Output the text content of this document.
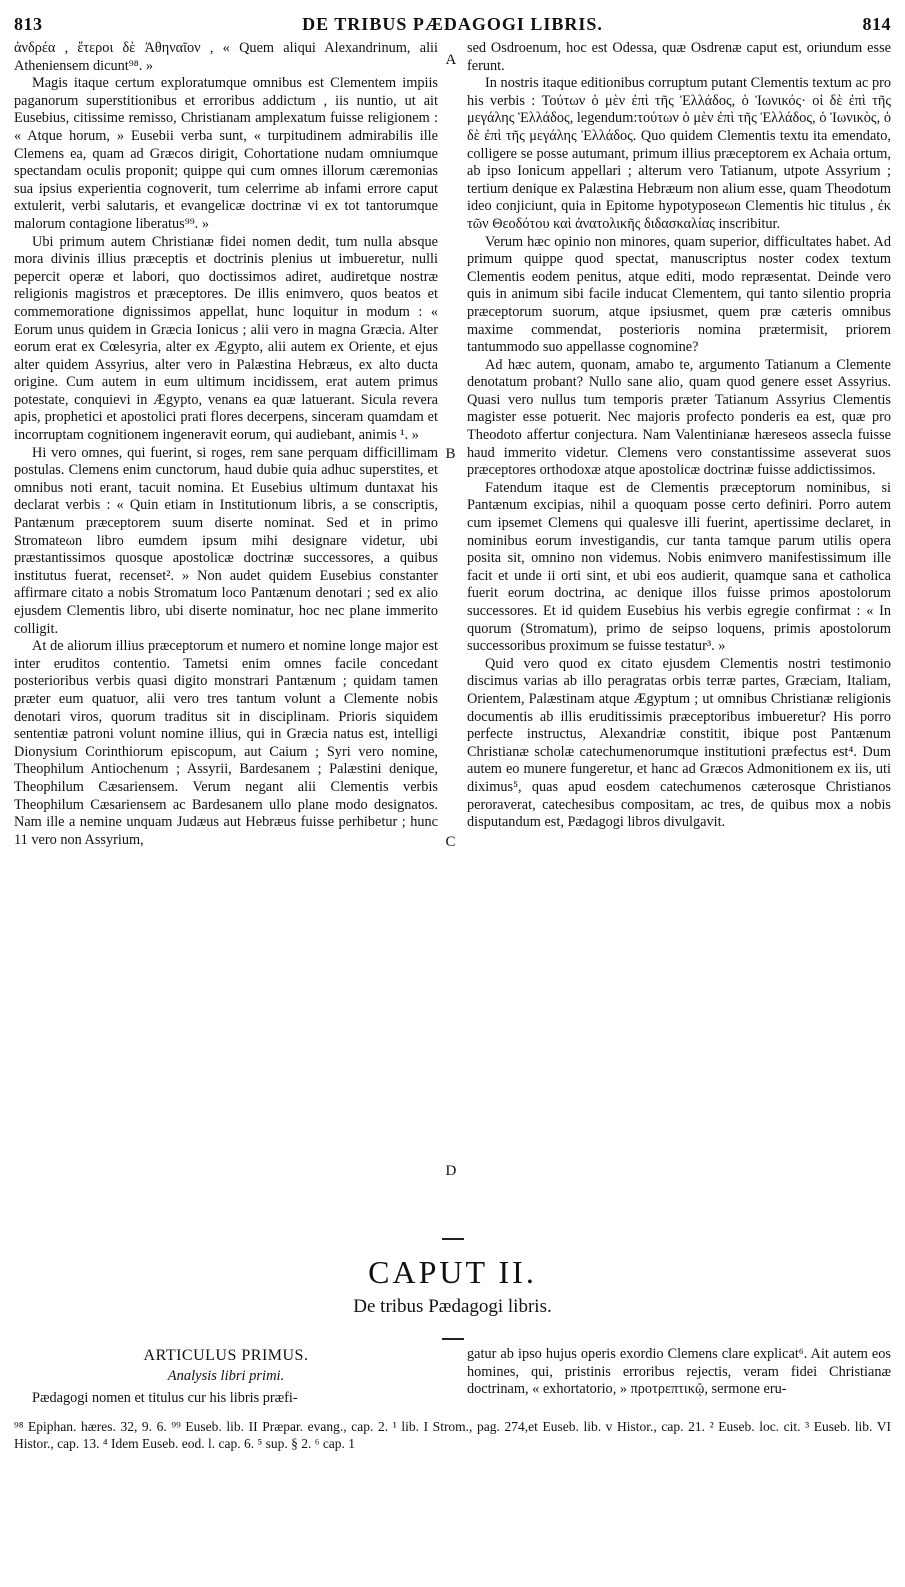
813	DE TRIBUS PÆDAGOGI LIBRIS.	814

ἀνδρέα , ἕτεροι δὲ Ἀθηναῖον , « Quem aliqui Alexandrinum, alii Atheniensem dicunt⁹⁸. »

Magis itaque certum exploratumque omnibus est Clementem impiis paganorum superstitionibus et erroribus addictum , iis nuntio, ut ait Eusebius, citissime remisso, Christianam amplexatum fuisse religionem : « Atque horum, » Eusebii verba sunt, « turpitudinem admirabilis ille Clemens ea, quam ad Græcos dirigit, Cohortatione nudam omniumque spectandam oculis proponit; quippe qui cum omnes illorum cæremonias sua ipsius experientia cognoverit, tum celerrime ab infami errore caput extulerit, verbi salutaris, et evangelicæ doctrinæ vi ex tot tantorumque malorum contagione liberatus⁹⁹. »

Ubi primum autem Christianæ fidei nomen dedit, tum nulla absque mora divinis illius præceptis et doctrinis plenius ut imbueretur, nulli pepercit operæ et labori, quo doctissimos adiret, audiretque nostræ religionis magistros et præceptores. De illis enimvero, quos beatos et commemoratione dignissimos appellat, hunc loquitur in modum : « Eorum unus quidem in Græcia Ionicus ; alii vero in magna Græcia. Alter eorum erat ex Cœlesyria, alter ex Ægypto, alii autem ex Oriente, et ejus alter quidem Assyrius, alter vero in Palæstina Hebræus, ex alto ducta origine. Cum autem in eum ultimum incidissem, erat autem primus potestate, conquievi in Ægypto, venans ea quæ latuerant. Sicula revera apis, prophetici et apostolici prati flores decerpens, sinceram quamdam et incorruptam cognitionem ingeneravit eorum, qui audiebant, animis ¹. »

Hi vero omnes, qui fuerint, si roges, rem sane perquam difficillimam postulas. Clemens enim cunctorum, haud dubie quia adhuc superstites, et omnibus noti erant, tacuit nomina. Et Eusebius ultimum duntaxat his declarat verbis : « Quin etiam in Institutionum libris, a se conscriptis, Pantænum præceptorem suum diserte nominat. Sed et in primo Stromateωn libro eumdem ipsum mihi designare videtur, ubi præstantissimos quosque apostolicæ doctrinæ successores, a quibus institutus fuerat, recenset². » Non audet quidem Eusebius constanter affirmare citato a nobis Stromatum loco Pantænum denotari ; sed ex alio ejusdem Clementis libro, ubi diserte nominatur, hoc nec plane immerito colligit.

At de aliorum illius præceptorum et numero et nomine longe major est inter eruditos contentio. Tametsi enim omnes facile concedant posterioribus verbis quasi digito monstrari Pantænum ; quidam tamen præter eum quatuor, alii vero tres tantum volunt a Clemente nobis denotari viros, quorum traditus sit in disciplinam. Prioris siquidem sententiæ patroni volunt nomine illius, qui in Græcia natus est, intelligi Dionysium Corinthiorum episcopum, aut Caium ; Syri vero nomine, Theophilum Antiochenum ; Assyrii, Bardesanem ; Palæstini denique, Theophilum Cæsariensem. Verum negant alii Clementis verbis Theophilum Cæsariensem ac Bardesanem ullo plane modo designatos. Nam ille a nemine unquam Judæus aut Hebræus fuisse perhibetur ; hunc 11 vero non Assyrium,

A
B
C
D

sed Osdroenum, hoc est Odessa, quæ Osdrenæ caput est, oriundum esse ferunt.

In nostris itaque editionibus corruptum putant Clementis textum ac pro his verbis : Τούτων ὁ μὲν ἐπὶ τῆς Ἑλλάδος, ὁ Ἰωνικός· οἱ δὲ ἐπὶ τῆς μεγάλης Ἑλλάδος, legendum:τούτων ὁ μὲν ἐπὶ τῆς Ἑλλάδος, ὁ Ἰωνικὸς, ὁ δὲ ἐπὶ τῆς μεγάλης Ἑλλάδος. Quo quidem Clementis textu ita emendato, colligere se posse autumant, primum illius præceptorem ex Achaia ortum, ab ipso Ionicum appellari ; alterum vero Tatianum, utpote Assyrium ; tertium denique ex Palæstina Hebræum non alium esse, quam Theodotum ideo conjiciunt, quia in Epitome hypotyposeωn Clementis hic titulus , ἐκ τῶν Θεοδότου καὶ ἀνατολικῆς διδασκαλίας inscribitur.

Verum hæc opinio non minores, quam superior, difficultates habet. Ad primum quippe quod spectat, manuscriptus noster codex textum Clementis eodem penitus, atque editi, modo repræsentat. Deinde vero quis in animum sibi facile inducat Clementem, qui tanto silentio propria præceptorum suorum, atque ipsiusmet, quem præ cæteris omnibus maxime commendat, posterioris nomina prætermisit, priorem tantummodo suo appellasse cognomine?

Ad hæc autem, quonam, amabo te, argumento Tatianum a Clemente denotatum probant? Nullo sane alio, quam quod genere esset Assyrius. Quasi vero nullus tum temporis præter Tatianum Assyrius Clementis magister esse potuerit. Nec majoris profecto ponderis ea est, quæ pro Theodoto affertur conjectura. Nam Valentinianæ hæreseos assecla fuisse haud immerito videtur. Clemens vero constantissime asseverat suos præceptores orthodoxæ atque apostolicæ doctrinæ fuisse addictissimos.

Fatendum itaque est de Clementis præceptorum nominibus, si Pantænum excipias, nihil a quoquam posse certo definiri. Porro autem cum ipsemet Clemens qui qualesve illi fuerint, apertissime declaret, in nominibus eorum investigandis, cur tanta tamque parum utilis opera posita sit, omnino non videmus. Nobis enimvero manifestissimum ille facit et unde ii orti sint, et ubi eos audierit, quamque sana et catholica fuerit eorum doctrina, ac denique illos fuisse primos apostolorum successores. Et id quidem Eusebius his verbis egregie confirmat : « In quorum (Stromatum), primo de seipso loquens, primis apostolorum successoribus proximum se fuisse testatur³. »

Quid vero quod ex citato ejusdem Clementis nostri testimonio discimus varias ab illo peragratas orbis terræ partes, Græciam, Italiam, Orientem, Palæstinam atque Ægyptum ; ut omnibus Christianæ religionis documentis ab illis eruditissimis præceptoribus imbueretur? His porro perfecte instructus, Alexandriæ constitit, ibique post Pantænum Christianæ scholæ catechumenorumque institutioni præfectus est⁴. Dum autem eo munere fungeretur, et hanc ad Græcos Admonitionem ex iis, uti diximus⁵, quas apud eosdem catechumenos cæterosque Christianos peroraverat, catechesibus compositam, ac tres, de quibus mox a nobis disputandum est, Pædagogi libros divulgavit.

CAPUT II.
De tribus Pædagogi libris.
ARTICULUS PRIMUS.
Analysis libri primi.

Pædagogi nomen et titulus cur his libris præfi-

gatur ab ipso hujus operis exordio Clemens clare explicat⁶. Ait autem eos homines, qui, pristinis erroribus rejectis, veram fidei Christianæ doctrinam, « exhortatorio, » προτρεπτικῷ, sermone eru-

⁹⁸ Epiphan. hæres. 32, 9. 6. ⁹⁹ Euseb. lib. II Præpar. evang., cap. 2. ¹ lib. I Strom., pag. 274,et Euseb. lib. v Histor., cap. 21. ² Euseb. loc. cit. ³ Euseb. lib. VI Histor., cap. 13. ⁴ Idem Euseb. eod. l. cap. 6. ⁵ sup. § 2. ⁶ cap. 1
